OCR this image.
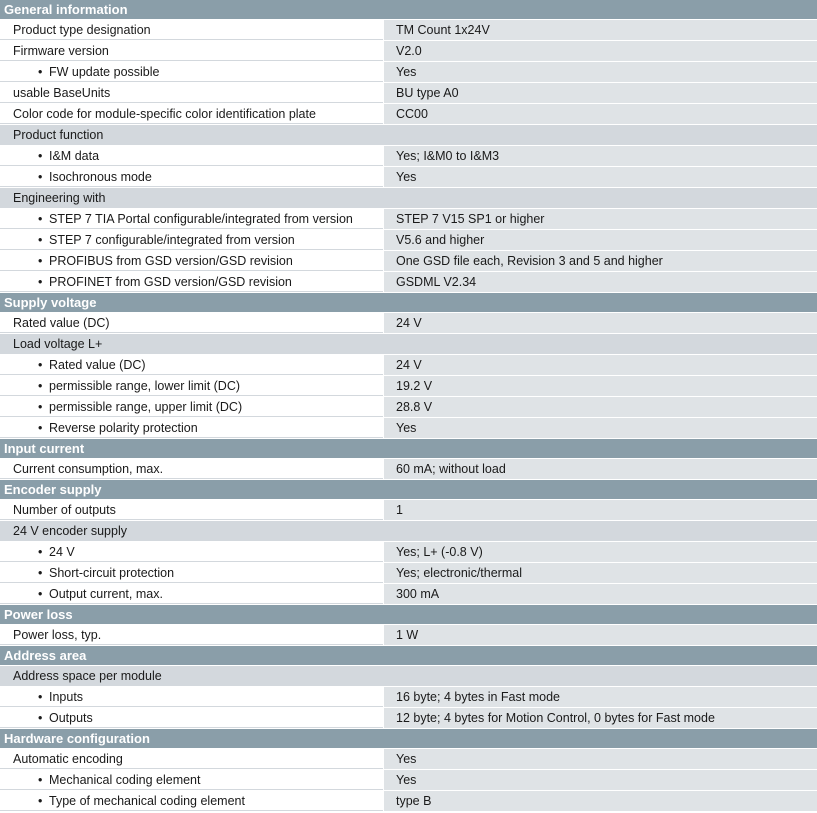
General information
Product type designation	TM Count 1x24V
Firmware version	V2.0
• FW update possible	Yes
usable BaseUnits	BU type A0
Color code for module-specific color identification plate	CC00
Product function
• I&M data	Yes; I&M0 to I&M3
• Isochronous mode	Yes
Engineering with
• STEP 7 TIA Portal configurable/integrated from version	STEP 7 V15 SP1 or higher
• STEP 7 configurable/integrated from version	V5.6 and higher
• PROFIBUS from GSD version/GSD revision	One GSD file each, Revision 3 and 5 and higher
• PROFINET from GSD version/GSD revision	GSDML V2.34
Supply voltage
Rated value (DC)	24 V
Load voltage L+
• Rated value (DC)	24 V
• permissible range, lower limit (DC)	19.2 V
• permissible range, upper limit (DC)	28.8 V
• Reverse polarity protection	Yes
Input current
Current consumption, max.	60 mA; without load
Encoder supply
Number of outputs	1
24 V encoder supply
• 24 V	Yes; L+ (-0.8 V)
• Short-circuit protection	Yes; electronic/thermal
• Output current, max.	300 mA
Power loss
Power loss, typ.	1 W
Address area
Address space per module
• Inputs	16 byte; 4 bytes in Fast mode
• Outputs	12 byte; 4 bytes for Motion Control, 0 bytes for Fast mode
Hardware configuration
Automatic encoding	Yes
• Mechanical coding element	Yes
• Type of mechanical coding element	type B
